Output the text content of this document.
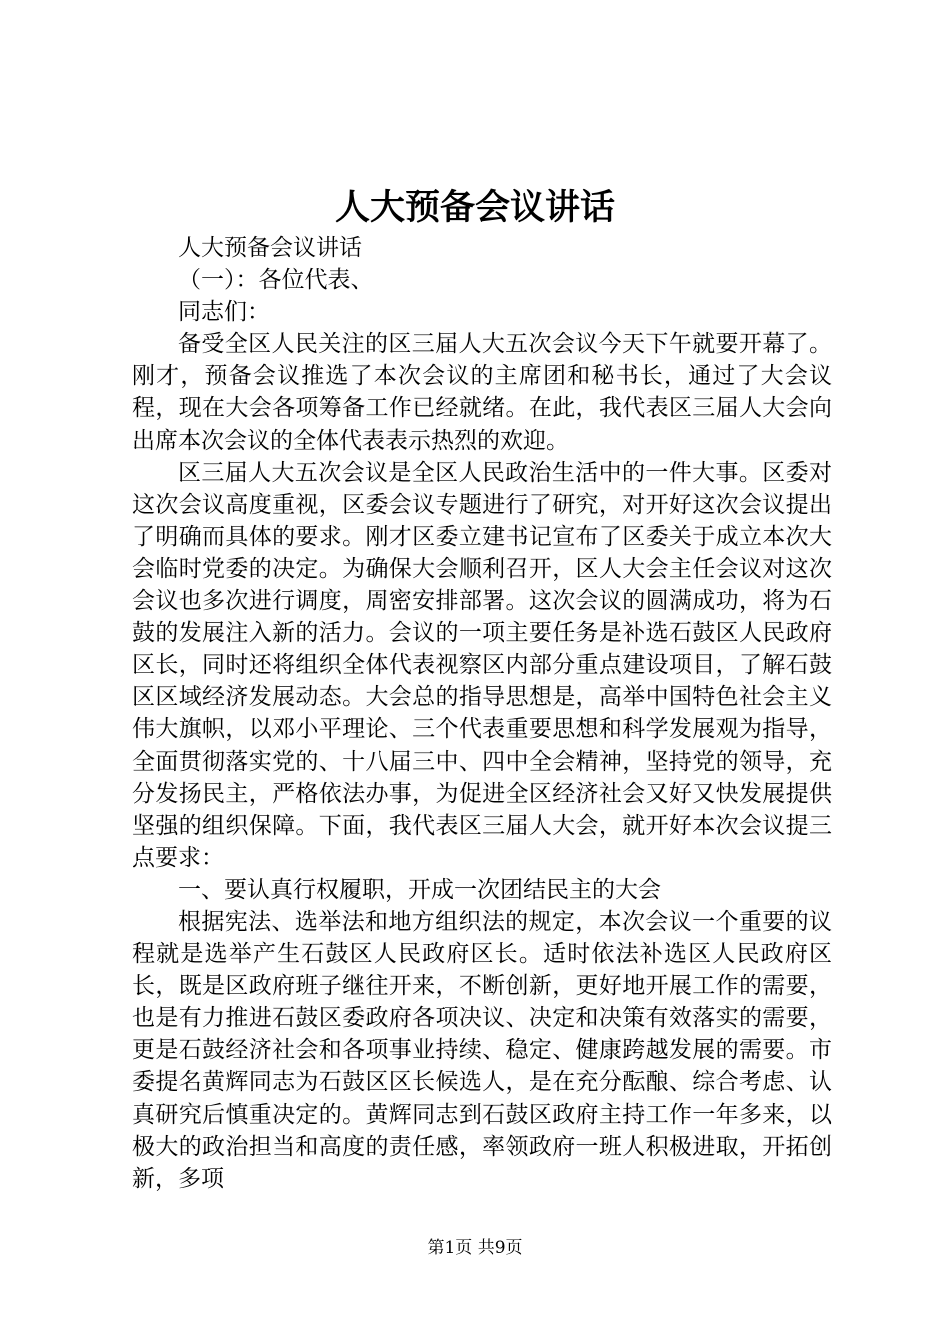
人大预备会议讲话

人大预备会议讲话

（一）：各位代表、

同志们：

备受全区人民关注的区三届人大五次会议今天下午就要开幕了。刚才，预备会议推选了本次会议的主席团和秘书长，通过了大会议程，现在大会各项筹备工作已经就绪。在此，我代表区三届人大会向出席本次会议的全体代表表示热烈的欢迎。

区三届人大五次会议是全区人民政治生活中的一件大事。区委对这次会议高度重视，区委会议专题进行了研究，对开好这次会议提出了明确而具体的要求。刚才区委立建书记宣布了区委关于成立本次大会临时党委的决定。为确保大会顺利召开，区人大会主任会议对这次会议也多次进行调度，周密安排部署。这次会议的圆满成功，将为石鼓的发展注入新的活力。会议的一项主要任务是补选石鼓区人民政府区长，同时还将组织全体代表视察区内部分重点建设项目，了解石鼓区区域经济发展动态。大会总的指导思想是，高举中国特色社会主义伟大旗帜，以邓小平理论、三个代表重要思想和科学发展观为指导，全面贯彻落实党的、十八届三中、四中全会精神，坚持党的领导，充分发扬民主，严格依法办事，为促进全区经济社会又好又快发展提供坚强的组织保障。下面，我代表区三届人大会，就开好本次会议提三点要求：

一、要认真行权履职，开成一次团结民主的大会

根据宪法、选举法和地方组织法的规定，本次会议一个重要的议程就是选举产生石鼓区人民政府区长。适时依法补选区人民政府区长，既是区政府班子继往开来，不断创新，更好地开展工作的需要，也是有力推进石鼓区委政府各项决议、决定和决策有效落实的需要，更是石鼓经济社会和各项事业持续、稳定、健康跨越发展的需要。市委提名黄辉同志为石鼓区区长候选人，是在充分酝酿、综合考虑、认真研究后慎重决定的。黄辉同志到石鼓区政府主持工作一年多来，以极大的政治担当和高度的责任感，率领政府一班人积极进取，开拓创新，多项

第1页 共9页
